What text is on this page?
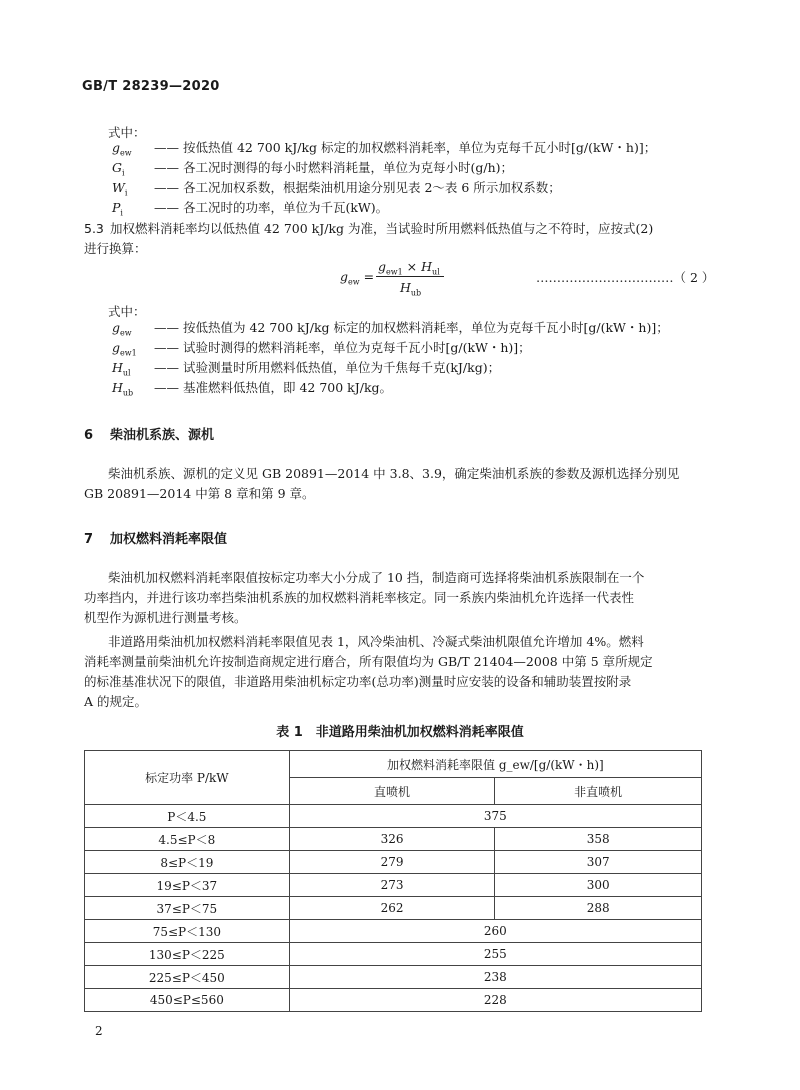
GB/T 28239—2020
式中：
$g_{ew}$ —— 按低热值 42 700 kJ/kg 标定的加权燃料消耗率，单位为克每千瓦小时[g/(kW・h)]；
$G_i$ —— 各工况时测得的每小时燃料消耗量，单位为克每小时(g/h)；
$W_i$ —— 各工况加权系数，根据柴油机用途分别见表 2～表 6 所示加权系数；
$P_i$ —— 各工况时的功率，单位为千瓦(kW)。
5.3 加权燃料消耗率均以低热值 42 700 kJ/kg 为准，当试验时所用燃料低热值与之不符时，应按式(2)
进行换算：
$g_{ew}$ =
$g_{ew1} \times H_{ul}$
$H_{ub}$
……………………………（ 2 ）
式中：
$g_{ew}$ —— 按低热值为 42 700 kJ/kg 标定的加权燃料消耗率，单位为克每千瓦小时[g/(kW・h)]；
$g_{ew1}$ —— 试验时测得的燃料消耗率，单位为克每千瓦小时[g/(kW・h)]；
$H_{ul}$ —— 试验测量时所用燃料低热值，单位为千焦每千克(kJ/kg)；
$H_{ub}$ —— 基准燃料低热值，即 42 700 kJ/kg。
6 柴油机系族、源机
柴油机系族、源机的定义见 GB 20891—2014 中 3.8、3.9，确定柴油机系族的参数及源机选择分别见
GB 20891—2014 中第 8 章和第 9 章。
7 加权燃料消耗率限值
柴油机加权燃料消耗率限值按标定功率大小分成了 10 挡，制造商可选择将柴油机系族限制在一个
功率挡内，并进行该功率挡柴油机系族的加权燃料消耗率核定。同一系族内柴油机允许选择一代表性
机型作为源机进行测量考核。
非道路用柴油机加权燃料消耗率限值见表 1，风冷柴油机、冷凝式柴油机限值允许增加 4%。燃料
消耗率测量前柴油机允许按制造商规定进行磨合，所有限值均为 GB/T 21404—2008 中第 5 章所规定
的标准基准状况下的限值，非道路用柴油机标定功率(总功率)测量时应安装的设备和辅助装置按附录
A 的规定。
表 1　非道路用柴油机加权燃料消耗率限值
标定功率 P/kW	加权燃料消耗率限值 g_ew/[g/(kW・h)]	
	直喷机	非直喷机
P＜4.5	375	
4.5≤P＜8	326	358
8≤P＜19	279	307
19≤P＜37	273	300
37≤P＜75	262	288
75≤P＜130	260	
130≤P＜225	255	
225≤P＜450	238	
450≤P≤560	228	
2
